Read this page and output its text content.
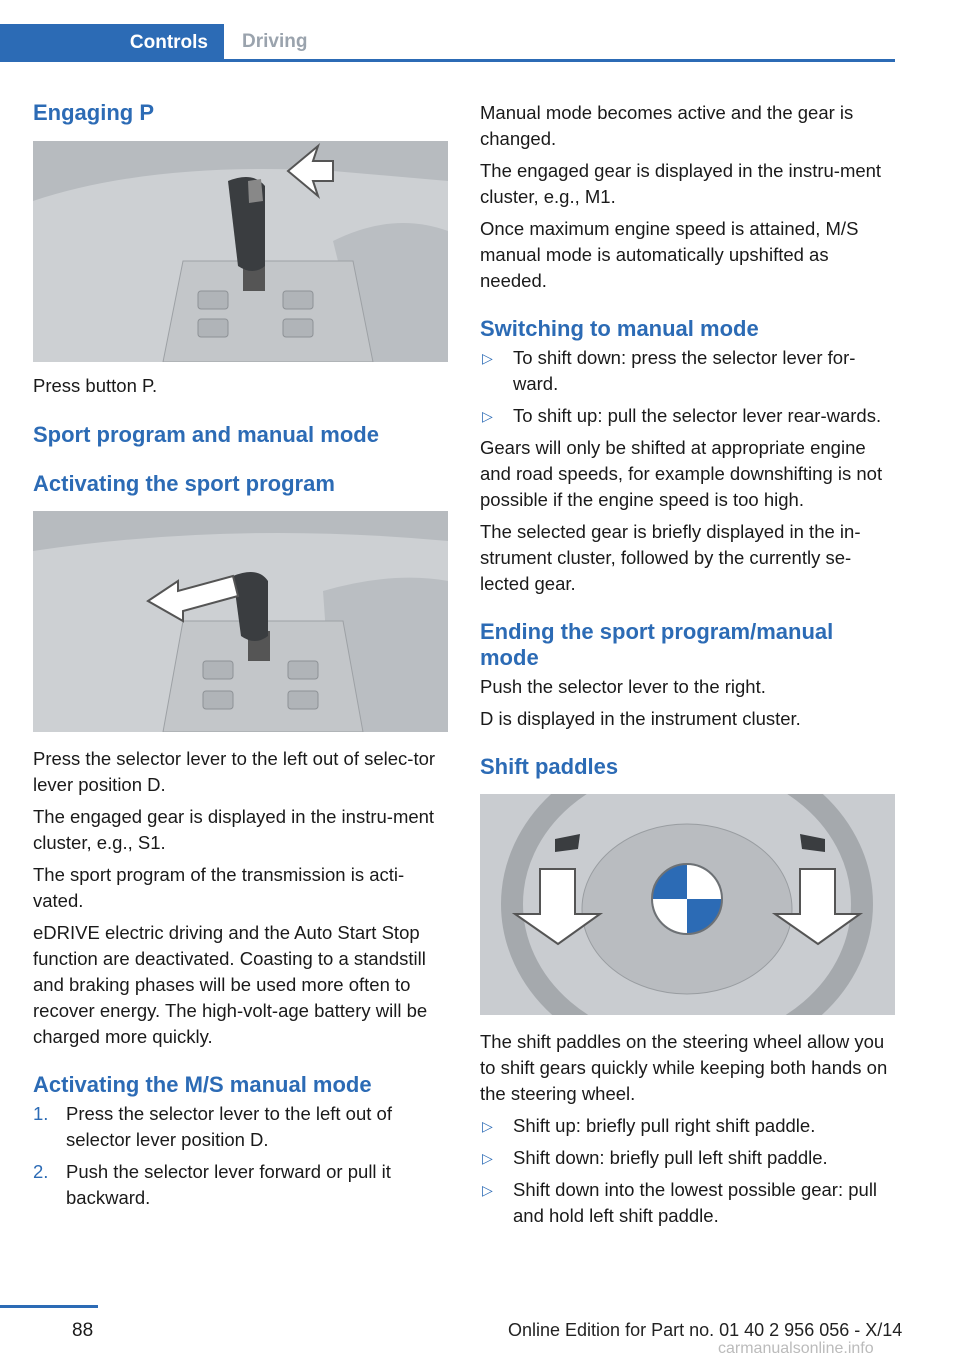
Controls	Driving
Engaging P

Press button P.

Sport program and manual mode
Activating the sport program

Press the selector lever to the left out of selec‐tor lever position D.

The engaged gear is displayed in the instru‐ment cluster, e.g., S1.

The sport program of the transmission is acti‐vated.

eDRIVE electric driving and the Auto Start Stop function are deactivated. Coasting to a standstill and braking phases will be used more often to recover energy. The high-volt‐age battery will be charged more quickly.

Activating the M/S manual mode
1. Press the selector lever to the left out of selector lever position D.
2. Push the selector lever forward or pull it backward.

Manual mode becomes active and the gear is changed.

The engaged gear is displayed in the instru‐ment cluster, e.g., M1.

Once maximum engine speed is attained, M/S manual mode is automatically upshifted as needed.

Switching to manual mode
▷ To shift down: press the selector lever for‐ward.
▷ To shift up: pull the selector lever rear‐wards.

Gears will only be shifted at appropriate engine and road speeds, for example downshifting is not possible if the engine speed is too high.

The selected gear is briefly displayed in the in‐strument cluster, followed by the currently se‐lected gear.

Ending the sport program/manual mode

Push the selector lever to the right.

D is displayed in the instrument cluster.

Shift paddles

The shift paddles on the steering wheel allow you to shift gears quickly while keeping both hands on the steering wheel.

▷ Shift up: briefly pull right shift paddle.
▷ Shift down: briefly pull left shift paddle.
▷ Shift down into the lowest possible gear: pull and hold left shift paddle.
88	Online Edition for Part no. 01 40 2 956 056 - X/14
carmanualsonline.info
